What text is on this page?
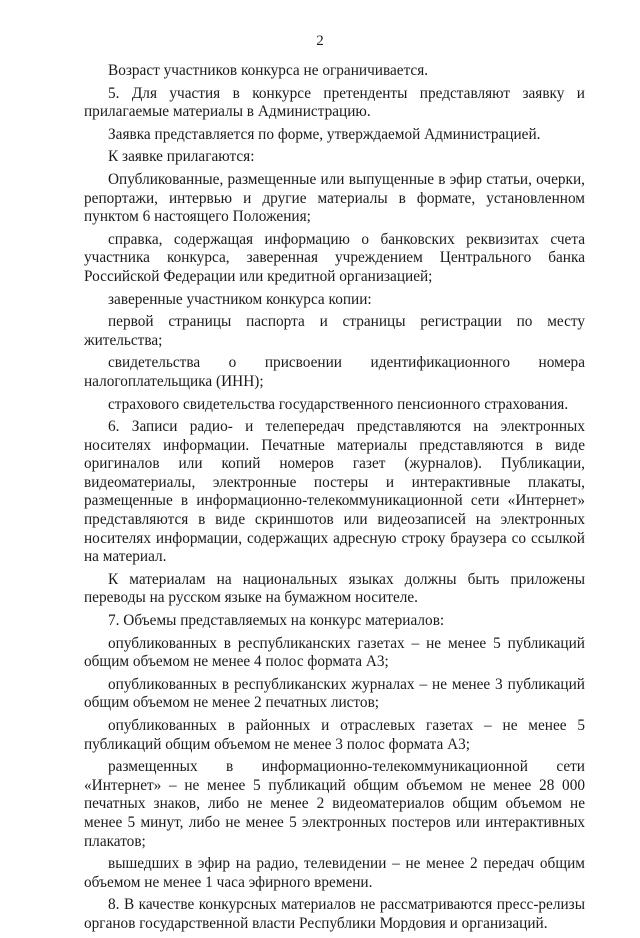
2

Возраст участников конкурса не ограничивается.

5. Для участия в конкурсе претенденты представляют заявку и прилагаемые материалы в Администрацию.

Заявка представляется по форме, утверждаемой Администрацией.

К заявке прилагаются:

Опубликованные, размещенные или выпущенные в эфир статьи, очерки, репортажи, интервью и другие материалы в формате, установленном пунктом 6 настоящего Положения;

справка, содержащая информацию о банковских реквизитах счета участника конкурса, заверенная учреждением Центрального банка Российской Федерации или кредитной организацией;

заверенные участником конкурса копии:

первой страницы паспорта и страницы регистрации по месту жительства;

свидетельства о присвоении идентификационного номера налогоплательщика (ИНН);

страхового свидетельства государственного пенсионного страхования.

6. Записи радио- и телепередач представляются на электронных носителях информации. Печатные материалы представляются в виде оригиналов или копий номеров газет (журналов). Публикации, видеоматериалы, электронные постеры и интерактивные плакаты, размещенные в информационно-телекоммуникационной сети «Интернет» представляются в виде скриншотов или видеозаписей на электронных носителях информации, содержащих адресную строку браузера со ссылкой на материал.

К материалам на национальных языках должны быть приложены переводы на русском языке на бумажном носителе.

7. Объемы представляемых на конкурс материалов:

опубликованных в республиканских газетах – не менее 5 публикаций общим объемом не менее 4 полос формата А3;

опубликованных в республиканских журналах – не менее 3 публикаций общим объемом не менее 2 печатных листов;

опубликованных в районных и отраслевых газетах – не менее 5 публикаций общим объемом не менее 3 полос формата А3;

размещенных в информационно-телекоммуникационной сети «Интернет» – не менее 5 публикаций общим объемом не менее 28 000 печатных знаков, либо не менее 2 видеоматериалов общим объемом не менее 5 минут, либо не менее 5 электронных постеров или интерактивных плакатов;

вышедших в эфир на радио, телевидении – не менее 2 передач общим объемом не менее 1 часа эфирного времени.

8. В качестве конкурсных материалов не рассматриваются пресс-релизы органов государственной власти Республики Мордовия и организаций.
